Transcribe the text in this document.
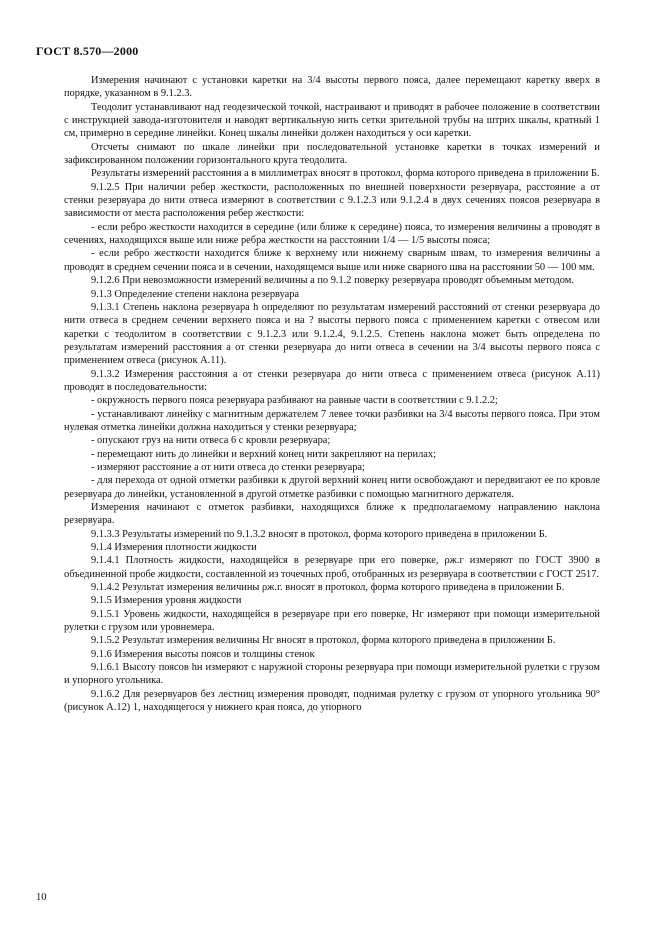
ГОСТ 8.570—2000

Измерения начинают с установки каретки на 3/4 высоты первого пояса, далее перемещают каретку вверх в порядке, указанном в 9.1.2.3.

Теодолит устанавливают над геодезической точкой, настраивают и приводят в рабочее положение в соответствии с инструкцией завода-изготовителя и наводят вертикальную нить сетки зрительной трубы на штрих шкалы, кратный 1 см, примерно в середине линейки. Конец шкалы линейки должен находиться у оси каретки.

Отсчеты снимают по шкале линейки при последовательной установке каретки в точках измерений и зафиксированном положении горизонтального круга теодолита.

Результаты измерений расстояния а в миллиметрах вносят в протокол, форма которого приведена в приложении Б.

9.1.2.5 При наличии ребер жесткости, расположенных по внешней поверхности резервуара, расстояние а от стенки резервуара до нити отвеса измеряют в соответствии с 9.1.2.3 или 9.1.2.4 в двух сечениях поясов резервуара в зависимости от места расположения ребер жесткости:

- если ребро жесткости находится в середине (или ближе к середине) пояса, то измерения величины а проводят в сечениях, находящихся выше или ниже ребра жесткости на расстоянии 1/4 — 1/5 высоты пояса;

- если ребро жесткости находится ближе к верхнему или нижнему сварным швам, то измерения величины а проводят в среднем сечении пояса и в сечении, находящемся выше или ниже сварного шва на расстоянии 50 — 100 мм.

9.1.2.6 При невозможности измерений величины а по 9.1.2 поверку резервуара проводят объемным методом.

9.1.3 Определение степени наклона резервуара

9.1.3.1 Степень наклона резервуара h определяют по результатам измерений расстояний от стенки резервуара до нити отвеса в среднем сечении верхнего пояса и на ? высоты первого пояса с применением каретки с отвесом или каретки с теодолитом в соответствии с 9.1.2.3 или 9.1.2.4, 9.1.2.5. Степень наклона может быть определена по результатам измерений расстояния а от стенки резервуара до нити отвеса в сечении на 3/4 высоты первого пояса с применением отвеса (рисунок А.11).

9.1.3.2 Измерения расстояния а от стенки резервуара до нити отвеса с применением отвеса (рисунок А.11) проводят в последовательности:

- окружность первого пояса резервуара разбивают на равные части в соответствии с 9.1.2.2;

- устанавливают линейку с магнитным держателем 7 левее точки разбивки на 3/4 высоты первого пояса. При этом нулевая отметка линейки должна находиться у стенки резервуара;

- опускают груз на нити отвеса 6 с кровли резервуара;

- перемещают нить до линейки и верхний конец нити закрепляют на перилах;

- измеряют расстояние а от нити отвеса до стенки резервуара;

- для перехода от одной отметки разбивки к другой верхний конец нити освобождают и передвигают ее по кровле резервуара до линейки, установленной в другой отметке разбивки с помощью магнитного держателя.

Измерения начинают с отметок разбивки, находящихся ближе к предполагаемому направлению наклона резервуара.

9.1.3.3 Результаты измерений по 9.1.3.2 вносят в протокол, форма которого приведена в приложении Б.

9.1.4 Измерения плотности жидкости

9.1.4.1 Плотность жидкости, находящейся в резервуаре при его поверке, ρж.г измеряют по ГОСТ 3900 в объединенной пробе жидкости, составленной из точечных проб, отобранных из резервуара в соответствии с ГОСТ 2517.

9.1.4.2 Результат измерения величины ρж.г. вносят в протокол, форма которого приведена в приложении Б.

9.1.5 Измерения уровня жидкости

9.1.5.1 Уровень жидкости, находящейся в резервуаре при его поверке, Нг измеряют при помощи измерительной рулетки с грузом или уровнемера.

9.1.5.2 Результат измерения величины Нг вносят в протокол, форма которого приведена в приложении Б.

9.1.6 Измерения высоты поясов и толщины стенок

9.1.6.1 Высоту поясов hн измеряют с наружной стороны резервуара при помощи измерительной рулетки с грузом и упорного угольника.

9.1.6.2 Для резервуаров без лестниц измерения проводят, поднимая рулетку с грузом от упорного угольника 90° (рисунок А.12) 1, находящегося у нижнего края пояса, до упорного

10
